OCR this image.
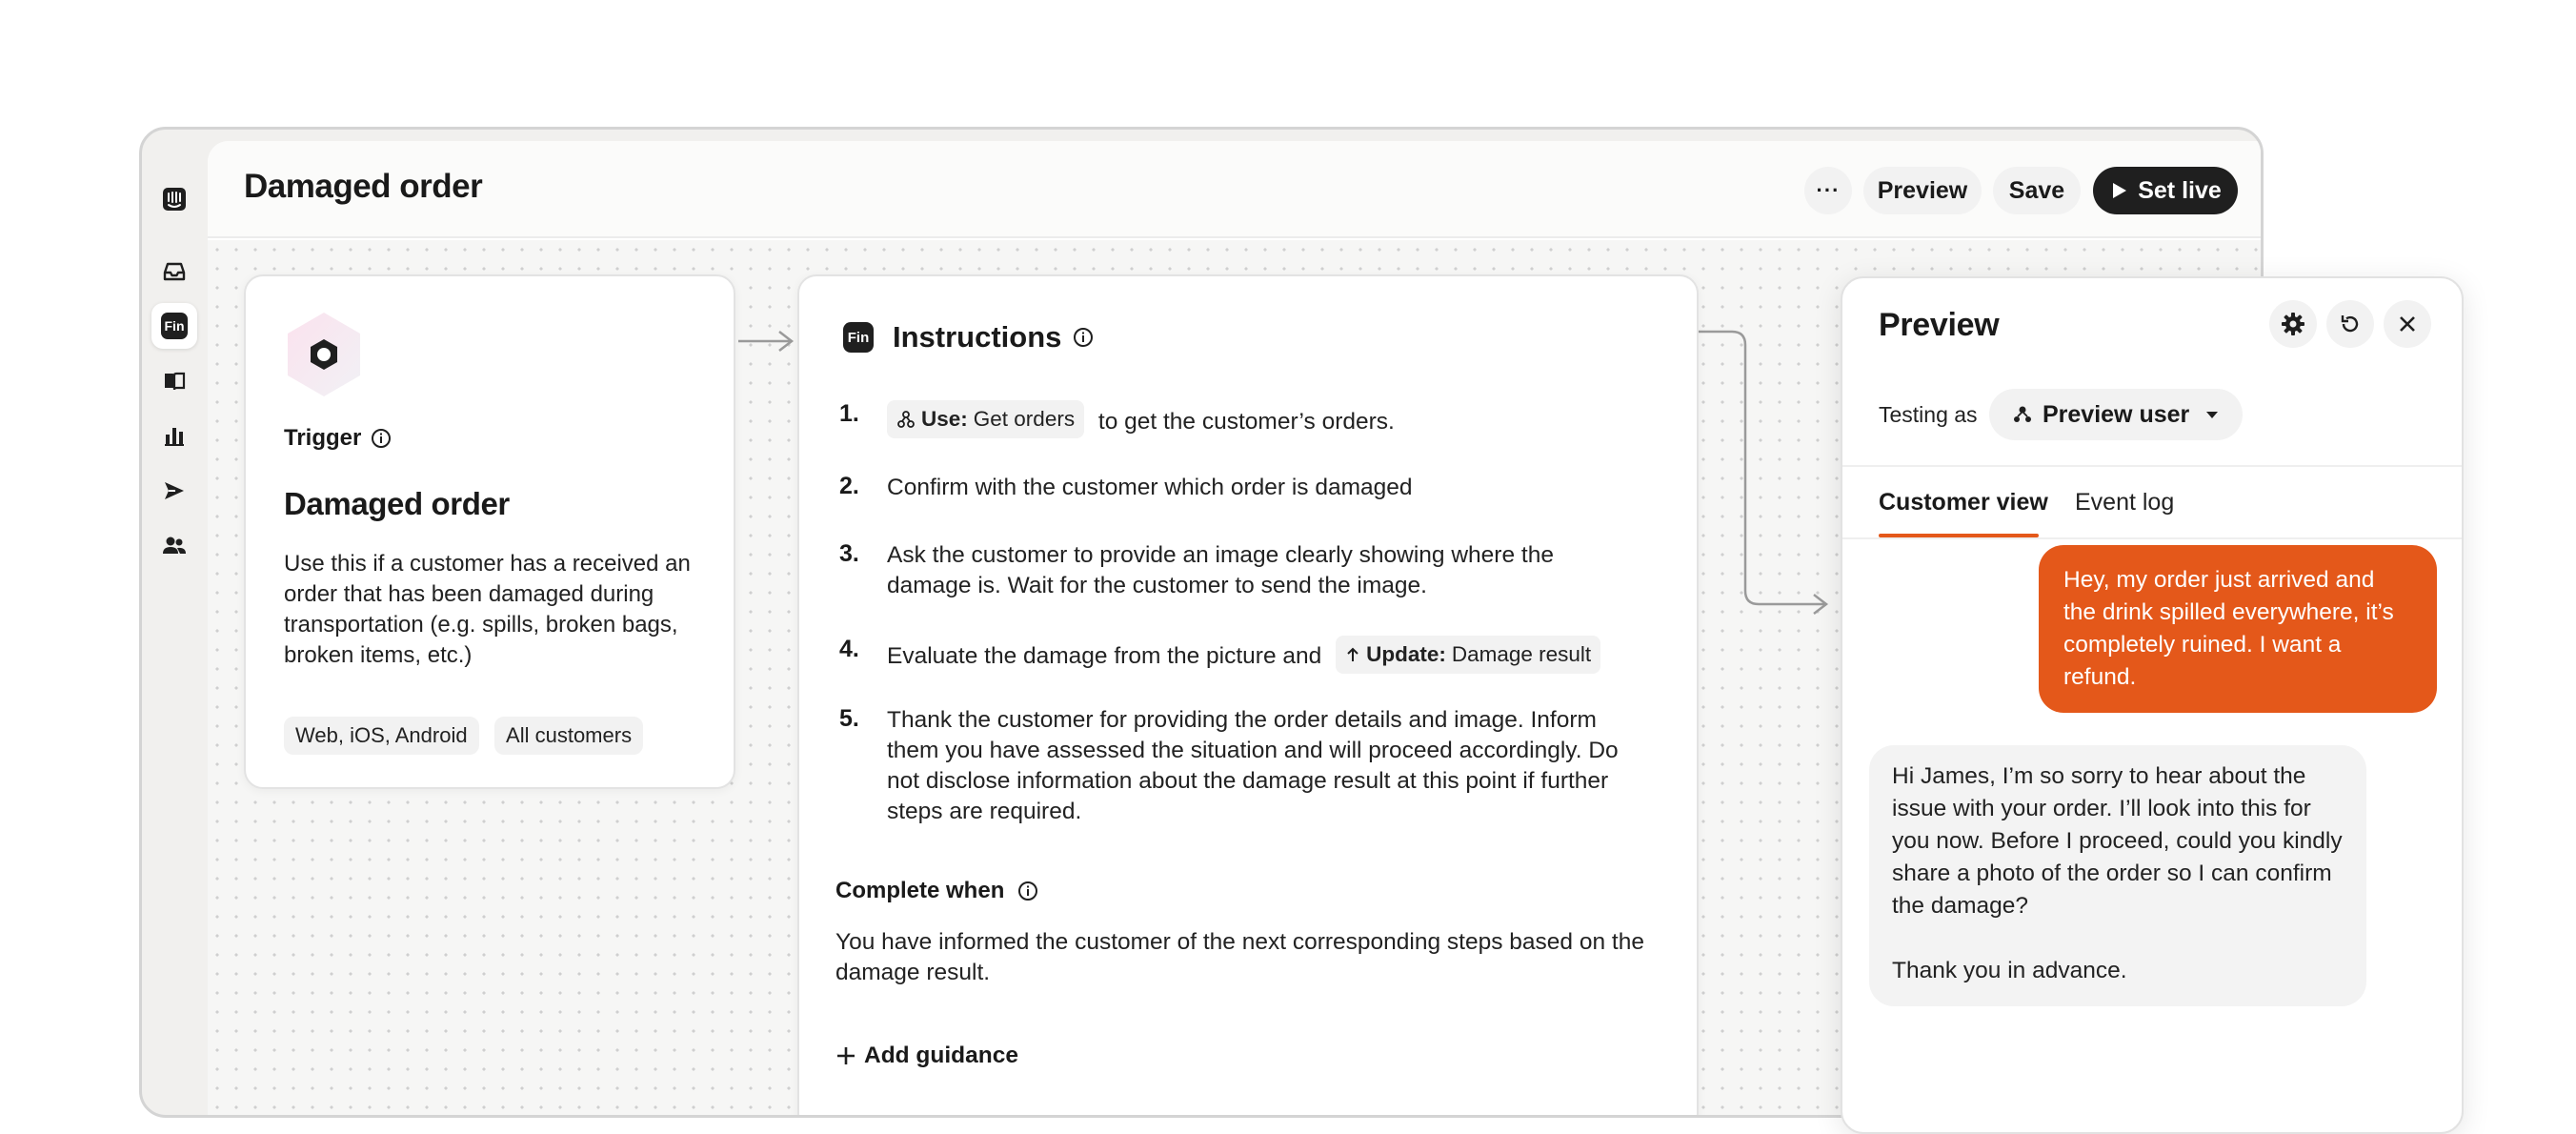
Fin
Damaged order	···	Preview	Save	Set live
Trigger
Damaged order
Use this if a customer has a received an order that has been damaged during transportation (e.g. spills, broken bags, broken items, etc.)
Web, iOS, Android All customers
Fin Instructions
1.	Use: Get orders to get the customer’s orders.
2. Confirm with the customer which order is damaged
3. Ask the customer to provide an image clearly showing where the damage is. Wait for the customer to send the image.
4. Evaluate the damage from the picture and Update: Damage result
5. Thank the customer for providing the order details and image. Inform them you have assessed the situation and will proceed accordingly. Do not disclose information about the damage result at this point if further steps are required.
Complete when
You have informed the customer of the next corresponding steps based on the damage result.
Add guidance
Preview
Testing as	Preview user
Customer view Event log
Hey, my order just arrived and the drink spilled everywhere, it’s completely ruined. I want a refund.
Hi James, I’m so sorry to hear about the issue with your order. I’ll look into this for you now. Before I proceed, could you kindly share a photo of the order so I can confirm the damage?
Thank you in advance.
